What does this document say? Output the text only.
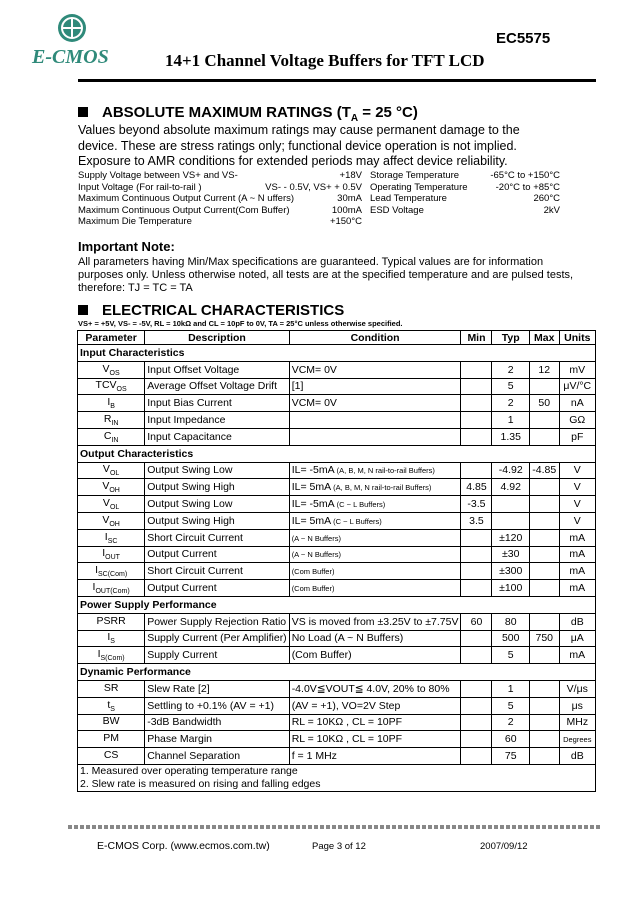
E-CMOS
EC5575
14+1 Channel Voltage Buffers for TFT LCD
ABSOLUTE MAXIMUM RATINGS ($T_A = 25$ °C)
Values beyond absolute maximum ratings may cause permanent damage to the
device. These are stress ratings only; functional device operation is not implied.
Exposure to AMR conditions for extended periods may affect device reliability.
Supply Voltage between VS+ and VS-	+18V
Input Voltage (For rail-to-rail )	VS- - 0.5V, VS+ + 0.5V
Maximum Continuous Output Current (A ~ N uffers)	30mA
Maximum Continuous Output Current(Com Buffer)	100mA
Maximum Die Temperature	+150°C
Storage Temperature	-65°C to +150°C
Operating Temperature	-20°C to +85°C
Lead Temperature	260°C
ESD Voltage	2kV
Important Note:
All parameters having Min/Max specifications are guaranteed. Typical values are for information
purposes only. Unless otherwise noted, all tests are at the specified temperature and are pulsed tests,
therefore: TJ = TC = TA
ELECTRICAL CHARACTERISTICS
VS+ = +5V, VS- = -5V, RL = 10kΩ and CL = 10pF to 0V, TA = 25°C unless otherwise specified.
Parameter	Description	Condition	Min	Typ	Max	Units
Input Characteristics						
$V_{OS}$	Input Offset Voltage	VCM= 0V		2	12	mV
$TCV_{OS}$	Average Offset Voltage Drift	[1]		5		μV/°C
$I_B$	Input Bias Current	VCM= 0V		2	50	nA
$R_{IN}$	Input Impedance			1		GΩ
$C_{IN}$	Input Capacitance			1.35		pF
Output Characteristics						
$V_{OL}$	Output Swing Low	IL= -5mA (A, B, M, N rail-to-rail Buffers)		-4.92	-4.85	V
$V_{OH}$	Output Swing High	IL= 5mA (A, B, M, N rail-to-rail Buffers)	4.85	4.92		V
$V_{OL}$	Output Swing Low	IL= -5mA (C ~ L Buffers)	-3.5			V
$V_{OH}$	Output Swing High	IL= 5mA (C ~ L Buffers)	3.5			V
$I_{SC}$	Short Circuit Current	(A ~ N Buffers)		±120		mA
$I_{OUT}$	Output Current	(A ~ N Buffers)		±30		mA
$I_{SC(Com)}$	Short Circuit Current	(Com Buffer)		±300		mA
$I_{OUT(Com)}$	Output Current	(Com Buffer)		±100		mA
Power Supply Performance						
PSRR	Power Supply Rejection Ratio	VS is moved from ±3.25V to ±7.75V	60	80		dB
$I_S$	Supply Current (Per Amplifier)	No Load (A ~ N Buffers)		500	750	μA
$I_{S(Com)}$	Supply Current	(Com Buffer)		5		mA
Dynamic Performance						
SR	Slew Rate [2]	-4.0V≦VOUT≦ 4.0V, 20% to 80%		1		V/μs
$t_S$	Settling to +0.1% (AV = +1)	(AV = +1), VO=2V Step		5		μs
BW	-3dB Bandwidth	RL = 10KΩ , CL = 10PF		2		MHz
PM	Phase Margin	RL = 10KΩ , CL = 10PF		60		Degrees
CS	Channel Separation	f = 1 MHz		75		dB

1. Measured over operating temperature range
2. Slew rate is measured on rising and falling edges						
E-CMOS Corp. (www.ecmos.com.tw)	Page 3 of 12	2007/09/12
